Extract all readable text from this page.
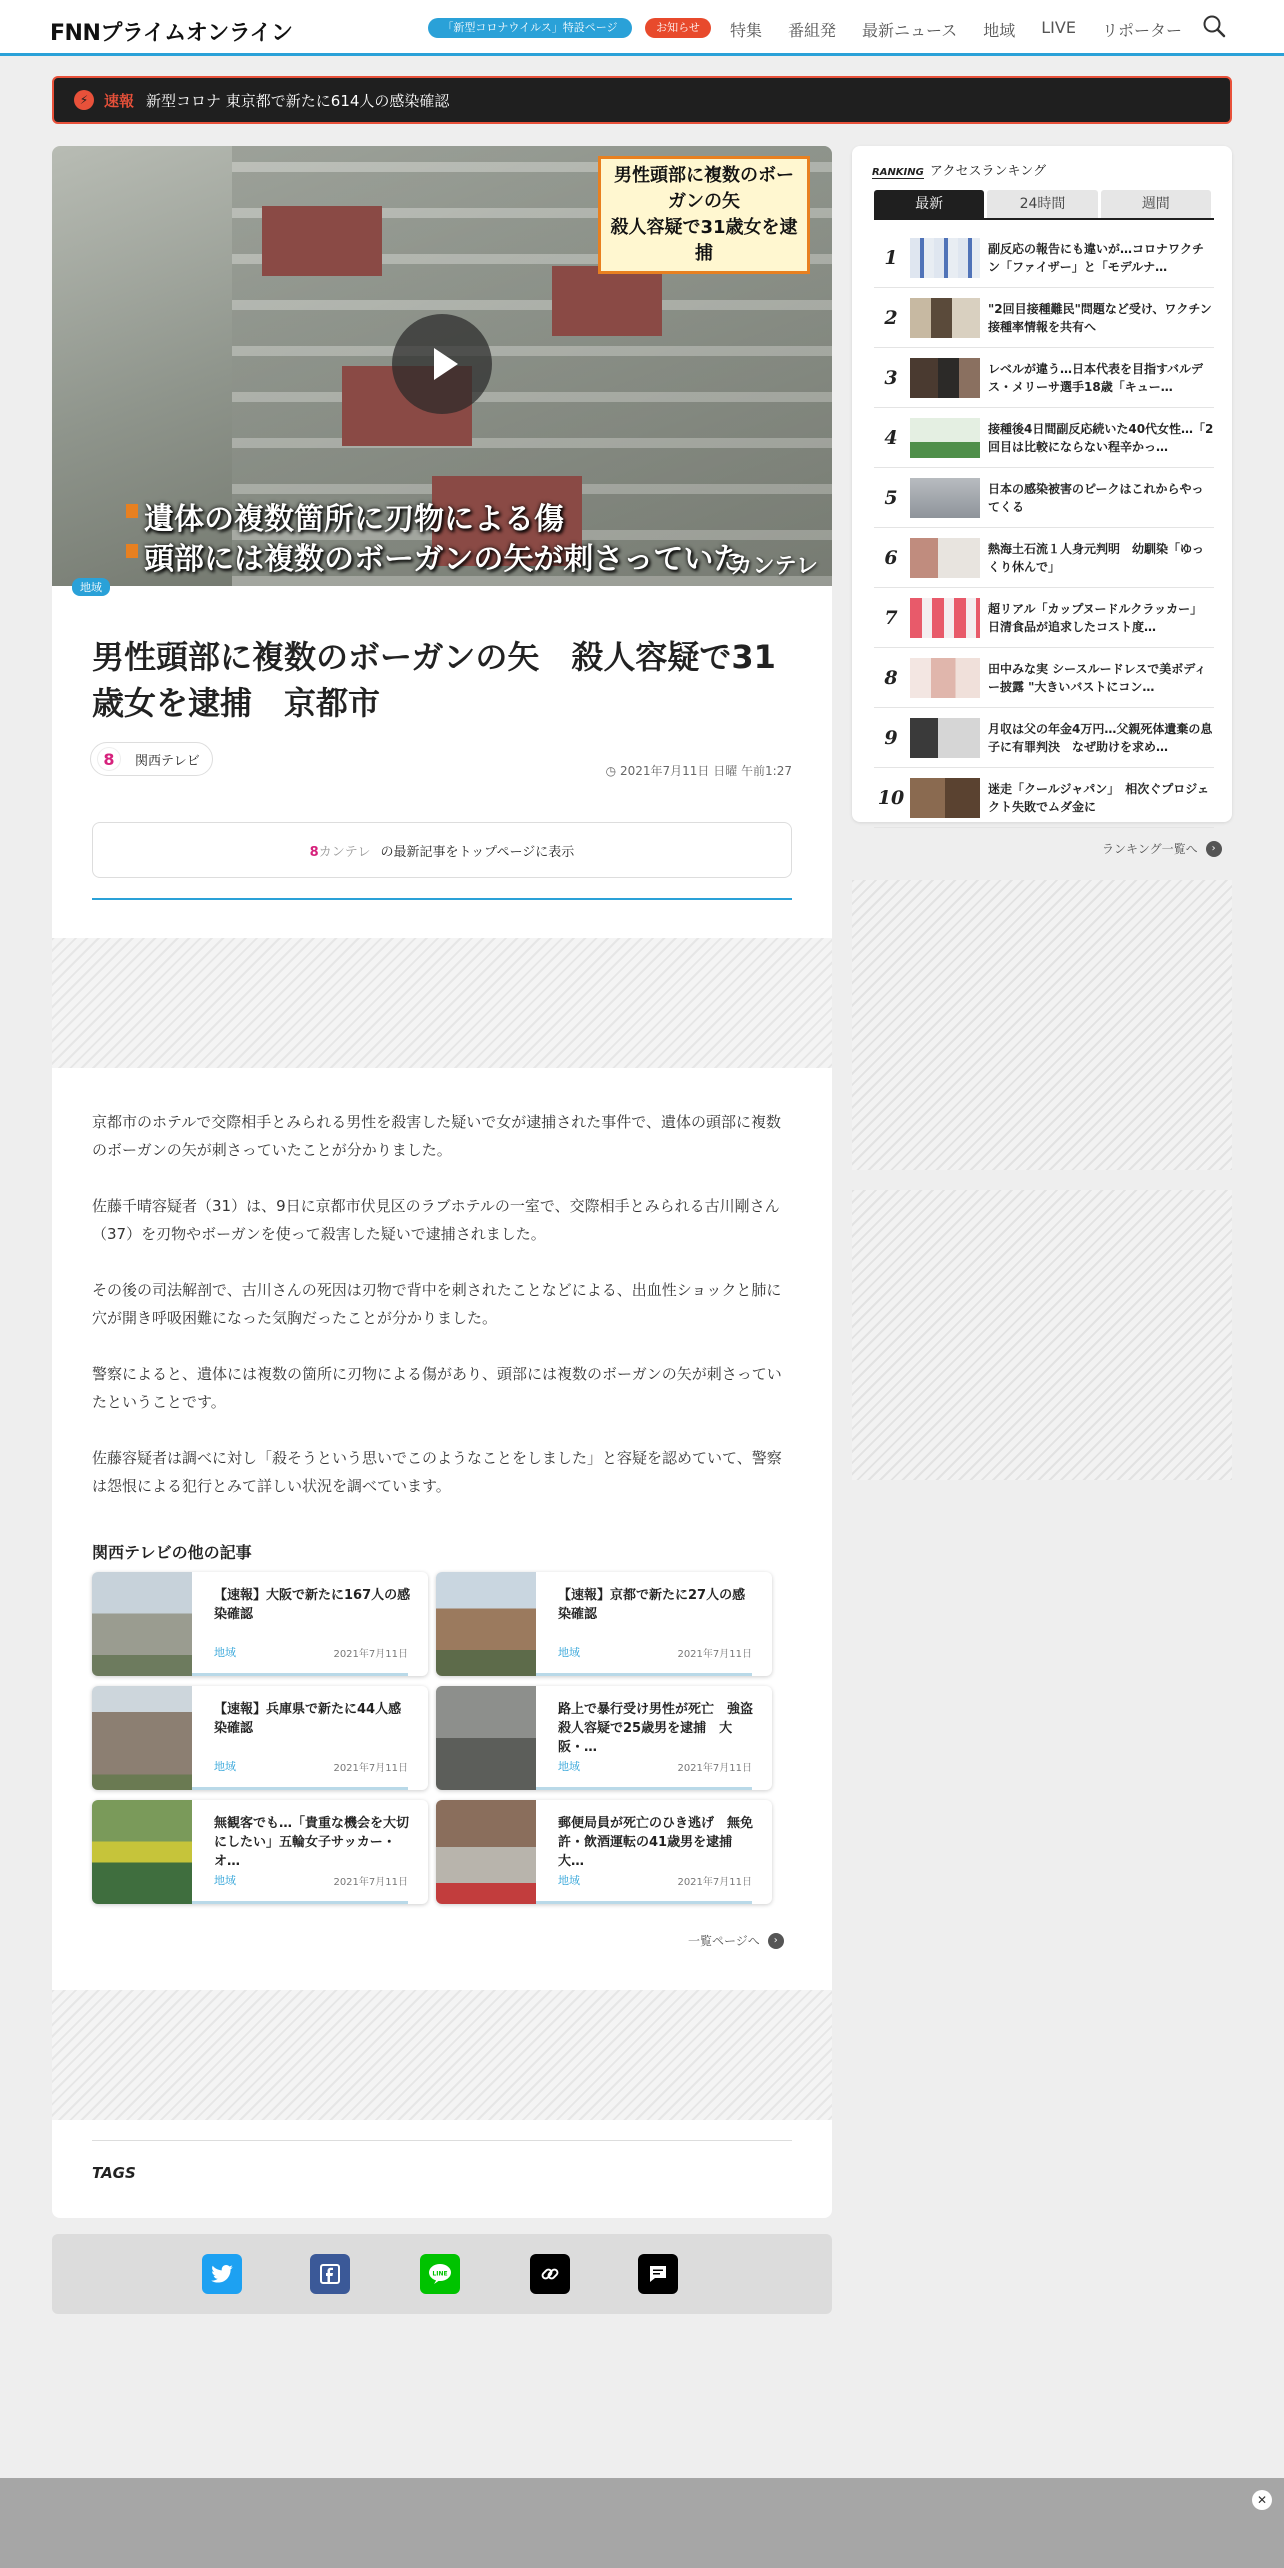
FNNプライムオンライン	「新型コロナウイルス」特設ページ	お知らせ	特集 番組発 最新ニュース 地域 LIVE リポーター
⚡	速報 新型コロナ 東京都で新たに614人の感染確認
男性頭部に複数のボーガンの矢
殺人容疑で31歳女を逮捕
遺体の複数箇所に刃物による傷
頭部には複数のボーガンの矢が刺さっていた
カンテレ
地域
男性頭部に複数のボーガンの矢　殺人容疑で31歳女を逮捕　京都市
8	関西テレビ
◷ 2021年7月11日 日曜 午前1:27
8カンテレ の最新記事をトップページに表示

京都市のホテルで交際相手とみられる男性を殺害した疑いで女が逮捕された事件で、遺体の頭部に複数のボーガンの矢が刺さっていたことが分かりました。

佐藤千晴容疑者（31）は、9日に京都市伏見区のラブホテルの一室で、交際相手とみられる古川剛さん（37）を刃物やボーガンを使って殺害した疑いで逮捕されました。

その後の司法解剖で、古川さんの死因は刃物で背中を刺されたことなどによる、出血性ショックと肺に穴が開き呼吸困難になった気胸だったことが分かりました。

警察によると、遺体には複数の箇所に刃物による傷があり、頭部には複数のボーガンの矢が刺さっていたということです。

佐藤容疑者は調べに対し「殺そうという思いでこのようなことをしました」と容疑を認めていて、警察は怨恨による犯行とみて詳しい状況を調べています。

関西テレビの他の記事
【速報】大阪で新たに167人の感染確認
地域	2021年7月11日
【速報】京都で新たに27人の感染確認
地域	2021年7月11日
【速報】兵庫県で新たに44人感染確認
地域	2021年7月11日
路上で暴行受け男性が死亡　強盗殺人容疑で25歳男を逮捕　大阪・…
地域	2021年7月11日
無観客でも…「貴重な機会を大切にしたい」五輪女子サッカー・オ…
地域	2021年7月11日
郵便局員が死亡のひき逃げ　無免許・飲酒運転の41歳男を逮捕　大…
地域	2021年7月11日
一覧ページへ	›
TAGS
LINE
RANKING アクセスランキング
最新	24時間	週間
1	副反応の報告にも違いが…コロナワクチン「ファイザー」と「モデルナ…
2	"2回目接種難民"問題など受け、ワクチン接種率情報を共有へ
3	レベルが違う…日本代表を目指すバルデス・メリーサ選手18歳「キュー…
4	接種後4日間副反応続いた40代女性…「2回目は比較にならない程辛かっ…
5	日本の感染被害のピークはこれからやってくる
6	熱海土石流１人身元判明　幼馴染「ゆっくり休んで」
7	超リアル「カップヌードルクラッカー」　日清食品が追求したコスト度…
8	田中みな実 シースルードレスで美ボディー披露 "大きいバストにコン…
9	月収は父の年金4万円…父親死体遺棄の息子に有罪判決　なぜ助けを求め…
10	迷走「クールジャパン」　相次ぐプロジェクト失敗でムダ金に
ランキング一覧へ	›
✕
